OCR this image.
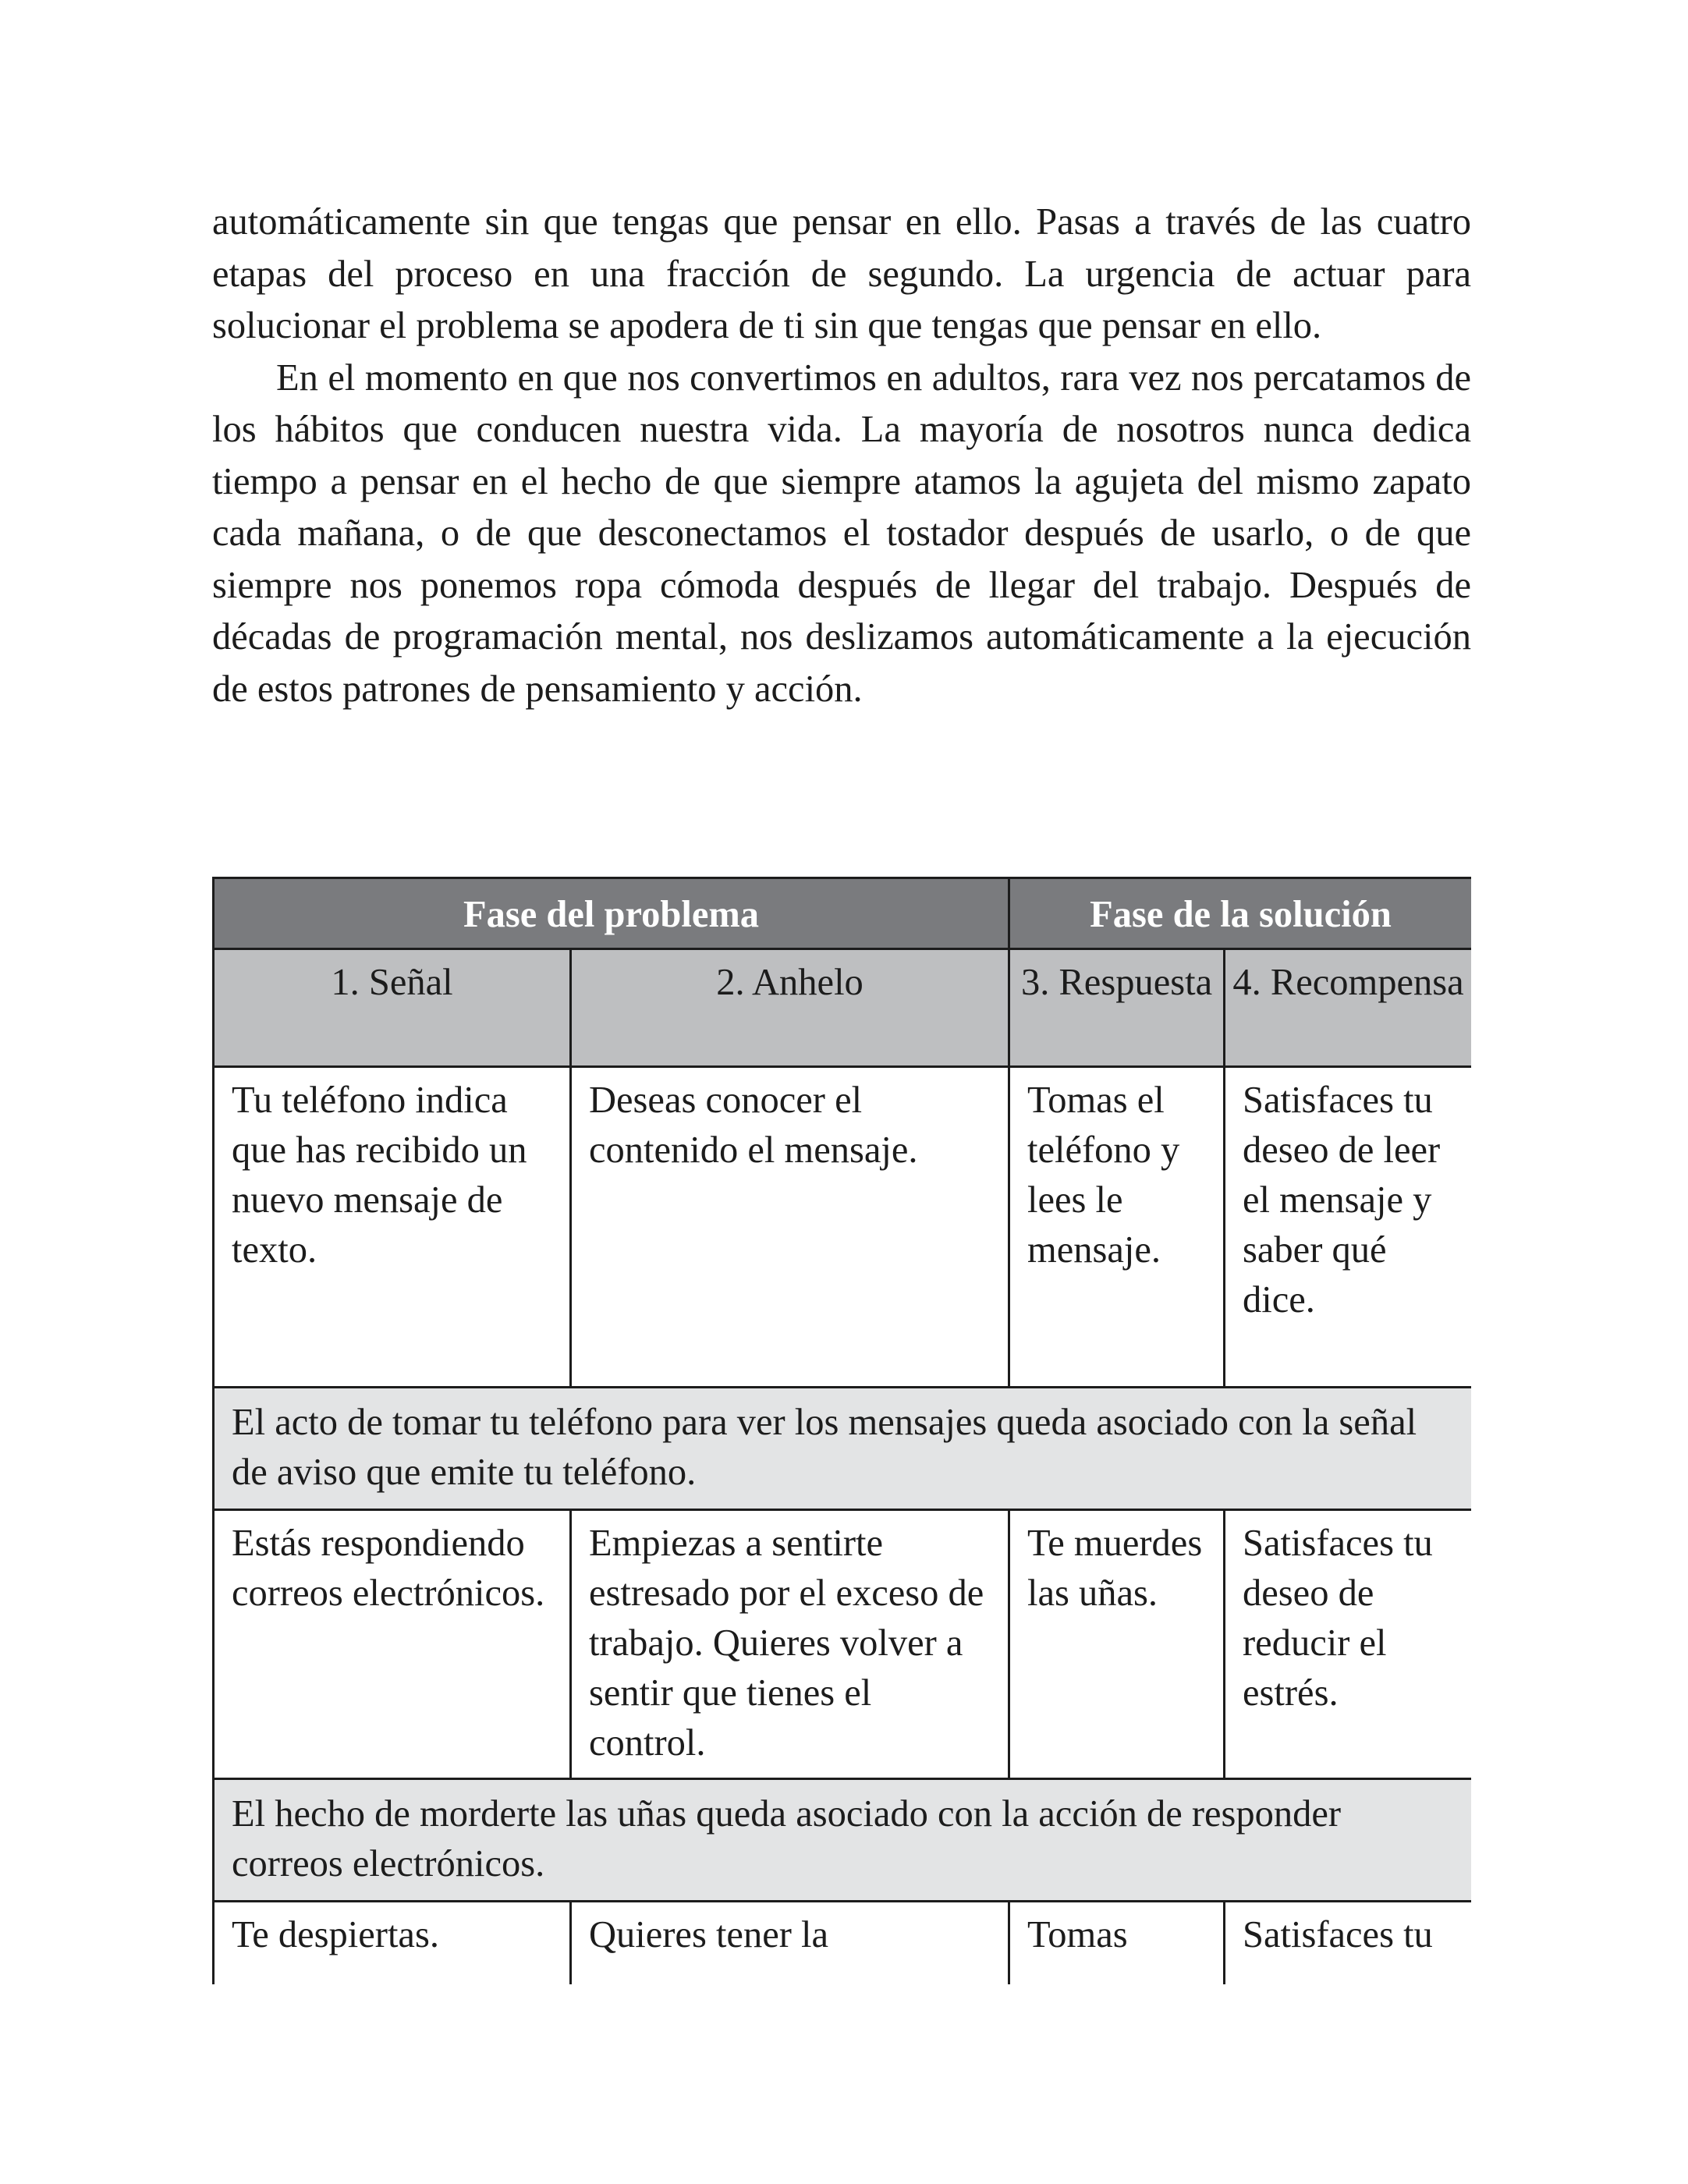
automáticamente sin que tengas que pensar en ello. Pasas a través de las cuatro etapas del proceso en una fracción de segundo. La urgencia de actuar para solucionar el problema se apodera de ti sin que tengas que pensar en ello.

En el momento en que nos convertimos en adultos, rara vez nos percatamos de los hábitos que conducen nuestra vida. La mayoría de nosotros nunca dedica tiempo a pensar en el hecho de que siempre atamos la agujeta del mismo zapato cada mañana, o de que desconectamos el tostador después de usarlo, o de que siempre nos ponemos ropa cómoda después de llegar del trabajo. Después de décadas de programación mental, nos deslizamos automáticamente a la ejecución de estos patrones de pensamiento y acción.

Fase del problema		Fase de la solución	
1. Señal	2. Anhelo	3. Respuesta	4. Recompensa
Tu teléfono indica que has recibido un nuevo mensaje de texto.	Deseas conocer el contenido el mensaje.	Tomas el teléfono y lees le mensaje.	Satisfaces tu deseo de leer el mensaje y saber qué dice.
El acto de tomar tu teléfono para ver los mensajes queda asociado con la señal de aviso que emite tu teléfono.			
Estás respondiendo correos electrónicos.	Empiezas a sentirte estresado por el exceso de trabajo. Quieres volver a sentir que tienes el control.	Te muerdes las uñas.	Satisfaces tu deseo de reducir el estrés.
El hecho de morderte las uñas queda asociado con la acción de responder correos electrónicos.			
Te despiertas.	Quieres tener la	Tomas	Satisfaces tu
